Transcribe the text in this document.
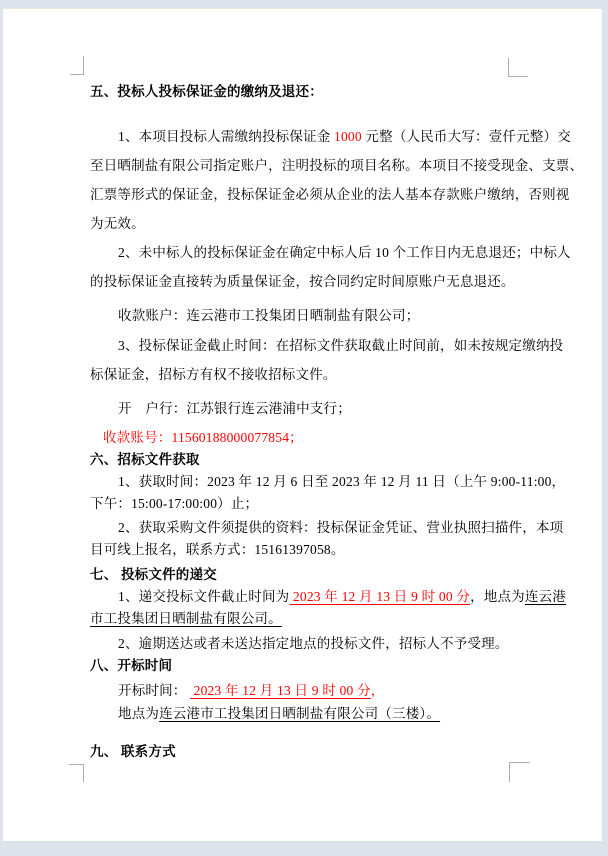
五、投标人投标保证金的缴纳及退还：
1、本项目投标人需缴纳投标保证金 1000 元整（人民币大写：壹仟元整）交
至日晒制盐有限公司指定账户，注明投标的项目名称。本项目不接受现金、支票、
汇票等形式的保证金，投标保证金必须从企业的法人基本存款账户缴纳，否则视
为无效。
2、未中标人的投标保证金在确定中标人后 10 个工作日内无息退还；中标人
的投标保证金直接转为质量保证金，按合同约定时间原账户无息退还。
收款账户：连云港市工投集团日晒制盐有限公司；
3、投标保证金截止时间：在招标文件获取截止时间前，如未按规定缴纳投
标保证金，招标方有权不接收招标文件。
开　户行：江苏银行连云港浦中支行；
收款账号：11560188000077854；
六、招标文件获取
1、获取时间：2023 年 12 月 6 日至 2023 年 12 月 11 日（上午 9:00-11:00，
下午：15:00-17:00:00）止；
2、获取采购文件须提供的资料：投标保证金凭证、营业执照扫描件，本项
目可线上报名，联系方式：15161397058。
七、 投标文件的递交
1、递交投标文件截止时间为 2023 年 12 月 13 日 9 时 00 分，地点为连云港
市工投集团日晒制盐有限公司。
2、逾期送达或者未送达指定地点的投标文件，招标人不予受理。
八、开标时间
开标时间：  2023 年 12 月 13 日 9 时 00 分，
地点为连云港市工投集团日晒制盐有限公司（三楼）。
九、 联系方式
